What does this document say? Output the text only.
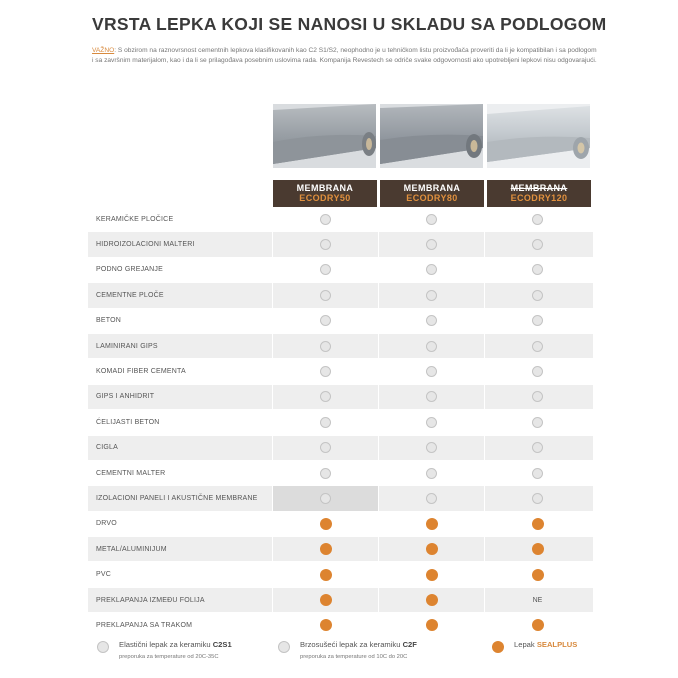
VRSTA LEPKA KOJI SE NANOSI U SKLADU SA PODLOGOM
VAŽNO: S obzirom na raznovrsnost cementnih lepkova klasifikovanih kao C2 S1/S2, neophodno je u tehničkom listu proizvođača proveriti da li je kompatibilan i sa podlogom i sa završnim materijalom, kao i da li se prilagođava posebnim uslovima rada. Kompanija Revestech se odriče svake odgovornosti ako upotrebljeni lepkovi nisu odgovarajući.
MEMBRANA
ECODRY50
MEMBRANA
ECODRY80
MEMBRANA
ECODRY120
KERAMIČKE PLOČICE
HIDROIZOLACIONI MALTERI
PODNO GREJANJE
CEMENTNE PLOČE
BETON
LAMINIRANI GIPS
KOMADI FIBER CEMENTA
GIPS I ANHIDRIT
ĆELIJASTI BETON
CIGLA
CEMENTNI MALTER
IZOLACIONI PANELI I AKUSTIČNE MEMBRANE
DRVO
METAL/ALUMINIJUM
PVC
PREKLAPANJA IZMEĐU FOLIJA	NE
PREKLAPANJA SA TRAKOM
Elastični lepak za keramiku C2S1
preporuka za temperature od 20C-35C
Brzosušeći lepak za keramiku C2F
preporuka za temperature od 10C do 20C
Lepak SEALPLUS
